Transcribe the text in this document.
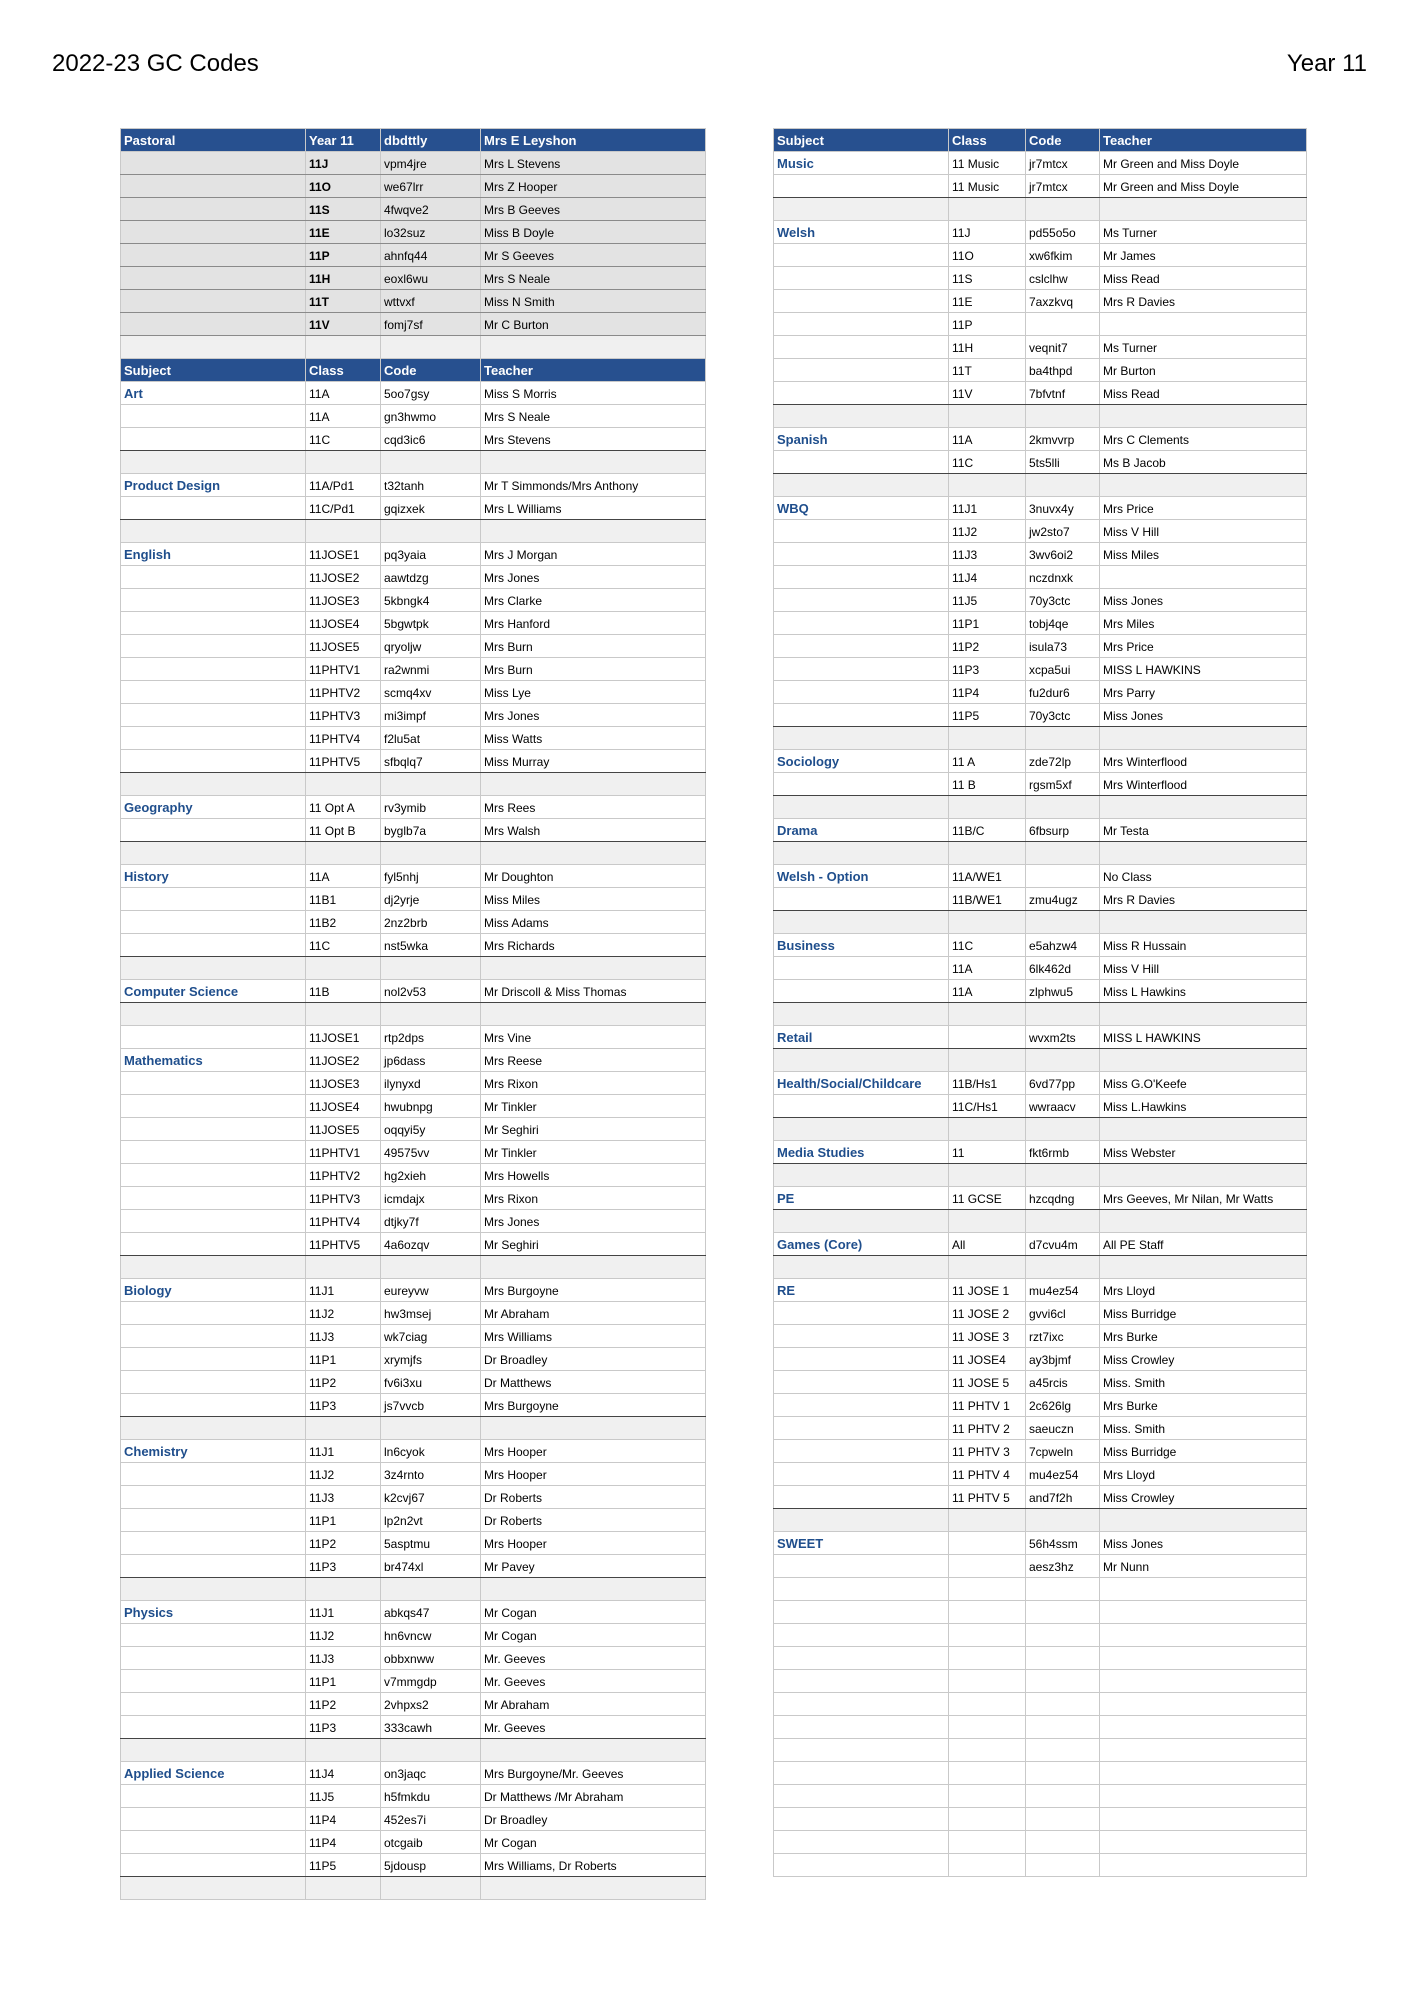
2022-23 GC Codes	Year 11
Pastoral	Year 11	dbdttly	Mrs E Leyshon
	11J	vpm4jre	Mrs L Stevens
	11O	we67lrr	Mrs Z Hooper
	11S	4fwqve2	Mrs B Geeves
	11E	lo32suz	Miss B Doyle
	11P	ahnfq44	Mr S Geeves
	11H	eoxl6wu	Mrs S Neale
	11T	wttvxf	Miss N Smith
	11V	fomj7sf	Mr C Burton

Subject	Class	Code	Teacher
Art	11A	5oo7gsy	Miss S Morris
	11A	gn3hwmo	Mrs S Neale
	11C	cqd3ic6	Mrs Stevens

Product Design	11A/Pd1	t32tanh	Mr T Simmonds/Mrs Anthony
	11C/Pd1	gqizxek	Mrs L Williams

English	11JOSE1	pq3yaia	Mrs J Morgan
	11JOSE2	aawtdzg	Mrs Jones
	11JOSE3	5kbngk4	Mrs Clarke
	11JOSE4	5bgwtpk	Mrs Hanford
	11JOSE5	qryoljw	Mrs Burn
	11PHTV1	ra2wnmi	Mrs Burn
	11PHTV2	scmq4xv	Miss Lye
	11PHTV3	mi3impf	Mrs Jones
	11PHTV4	f2lu5at	Miss Watts
	11PHTV5	sfbqlq7	Miss Murray

Geography	11 Opt A	rv3ymib	Mrs Rees
	11 Opt B	byglb7a	Mrs Walsh

History	11A	fyl5nhj	Mr Doughton
	11B1	dj2yrje	Miss Miles
	11B2	2nz2brb	Miss Adams
	11C	nst5wka	Mrs Richards

Computer Science	11B	nol2v53	Mr Driscoll & Miss Thomas

	11JOSE1	rtp2dps	Mrs Vine
Mathematics	11JOSE2	jp6dass	Mrs Reese
	11JOSE3	ilynyxd	Mrs Rixon
	11JOSE4	hwubnpg	Mr Tinkler
	11JOSE5	oqqyi5y	Mr Seghiri
	11PHTV1	49575vv	Mr Tinkler
	11PHTV2	hg2xieh	Mrs Howells
	11PHTV3	icmdajx	Mrs Rixon
	11PHTV4	dtjky7f	Mrs Jones
	11PHTV5	4a6ozqv	Mr Seghiri

Biology	11J1	eureyvw	Mrs Burgoyne
	11J2	hw3msej	Mr Abraham
	11J3	wk7ciag	Mrs Williams
	11P1	xrymjfs	Dr Broadley
	11P2	fv6i3xu	Dr Matthews
	11P3	js7vvcb	Mrs Burgoyne

Chemistry	11J1	ln6cyok	Mrs Hooper
	11J2	3z4rnto	Mrs Hooper
	11J3	k2cvj67	Dr Roberts
	11P1	lp2n2vt	Dr Roberts
	11P2	5asptmu	Mrs Hooper
	11P3	br474xl	Mr Pavey

Physics	11J1	abkqs47	Mr Cogan
	11J2	hn6vncw	Mr Cogan
	11J3	obbxnww	Mr. Geeves
	11P1	v7mmgdp	Mr. Geeves
	11P2	2vhpxs2	Mr Abraham
	11P3	333cawh	Mr. Geeves

Applied Science	11J4	on3jaqc	Mrs Burgoyne/Mr. Geeves
	11J5	h5fmkdu	Dr Matthews /Mr Abraham
	11P4	452es7i	Dr Broadley
	11P4	otcgaib	Mr Cogan
	11P5	5jdousp	Mrs Williams, Dr Roberts

Subject	Class	Code	Teacher
Music	11 Music	jr7mtcx	Mr Green and Miss Doyle
	11 Music	jr7mtcx	Mr Green and Miss Doyle

Welsh	11J	pd55o5o	Ms Turner
	11O	xw6fkim	Mr James
	11S	cslclhw	Miss Read
	11E	7axzkvq	Mrs R Davies
	11P		
	11H	veqnit7	Ms Turner
	11T	ba4thpd	Mr Burton
	11V	7bfvtnf	Miss Read

Spanish	11A	2kmvvrp	Mrs C Clements
	11C	5ts5lli	Ms B Jacob

WBQ	11J1	3nuvx4y	Mrs Price
	11J2	jw2sto7	Miss V Hill
	11J3	3wv6oi2	Miss Miles
	11J4	nczdnxk	
	11J5	70y3ctc	Miss Jones
	11P1	tobj4qe	Mrs Miles
	11P2	isula73	Mrs Price
	11P3	xcpa5ui	MISS L HAWKINS
	11P4	fu2dur6	Mrs Parry
	11P5	70y3ctc	Miss Jones

Sociology	11 A	zde72lp	Mrs Winterflood
	11 B	rgsm5xf	Mrs Winterflood

Drama	11B/C	6fbsurp	Mr Testa

Welsh - Option	11A/WE1		No Class
	11B/WE1	zmu4ugz	Mrs R Davies

Business	11C	e5ahzw4	Miss R Hussain
	11A	6lk462d	Miss V Hill
	11A	zlphwu5	Miss L Hawkins

Retail		wvxm2ts	MISS L HAWKINS

Health/Social/Childcare	11B/Hs1	6vd77pp	Miss G.O'Keefe
	11C/Hs1	wwraacv	Miss L.Hawkins

Media Studies	11	fkt6rmb	Miss Webster

PE	11 GCSE	hzcqdng	Mrs Geeves, Mr Nilan, Mr Watts

Games (Core)	All	d7cvu4m	All PE Staff

RE	11 JOSE 1	mu4ez54	Mrs Lloyd
	11 JOSE 2	gvvi6cl	Miss Burridge
	11 JOSE 3	rzt7ixc	Mrs Burke
	11 JOSE4	ay3bjmf	Miss Crowley
	11 JOSE 5	a45rcis	Miss. Smith
	11 PHTV 1	2c626lg	Mrs Burke
	11 PHTV 2	saeuczn	Miss. Smith
	11 PHTV 3	7cpweln	Miss Burridge
	11 PHTV 4	mu4ez54	Mrs Lloyd
	11 PHTV 5	and7f2h	Miss Crowley

SWEET		56h4ssm	Miss Jones
		aesz3hz	Mr Nunn
